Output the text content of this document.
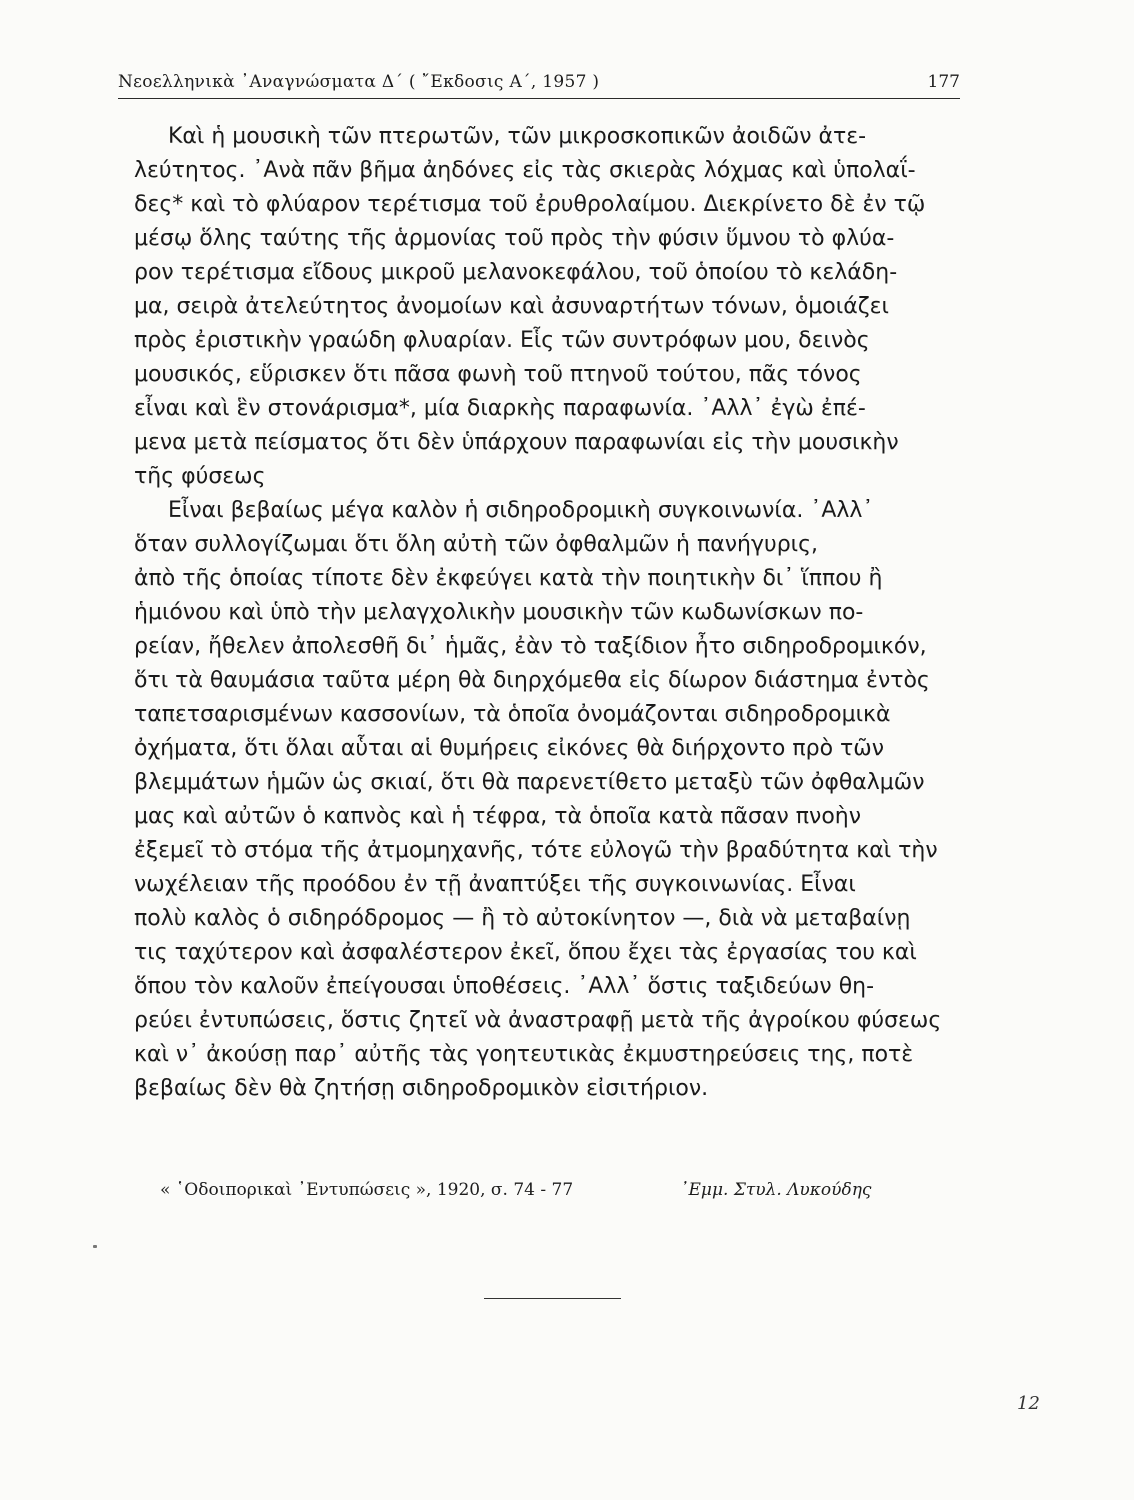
Νεοελληνικὰ ᾿Αναγνώσματα Δ΄ ( ῎Εκδοσις Α΄, 1957 )	177
Καὶ ἡ μουσικὴ τῶν πτερωτῶν, τῶν μικροσκοπικῶν ἀοιδῶν ἀτε-
λεύτητος. ᾿Ανὰ πᾶν βῆμα ἀηδόνες εἰς τὰς σκιερὰς λόχμας καὶ ὑπολαΐ-
δες* καὶ τὸ φλύαρον τερέτισμα τοῦ ἐρυθρολαίμου. Διεκρίνετο δὲ ἐν τῷ
μέσῳ ὅλης ταύτης τῆς ἁρμονίας τοῦ πρὸς τὴν φύσιν ὕμνου τὸ φλύα-
ρον τερέτισμα εἴδους μικροῦ μελανοκεφάλου, τοῦ ὁποίου τὸ κελάδη-
μα, σειρὰ ἀτελεύτητος ἀνομοίων καὶ ἀσυναρτήτων τόνων, ὁμοιάζει
πρὸς ἐριστικὴν γραώδη φλυαρίαν. Εἷς τῶν συντρόφων μου, δεινὸς
μουσικός, εὕρισκεν ὅτι πᾶσα φωνὴ τοῦ πτηνοῦ τούτου, πᾶς τόνος
εἶναι καὶ ἓν στονάρισμα*, μία διαρκὴς παραφωνία. ᾿Αλλ᾿ ἐγὼ ἐπέ-
μενα μετὰ πείσματος ὅτι δὲν ὑπάρχουν παραφωνίαι εἰς τὴν μουσικὴν
τῆς φύσεως
Εἶναι βεβαίως μέγα καλὸν ἡ σιδηροδρομικὴ συγκοινωνία. ᾿Αλλ᾿
ὅταν συλλογίζωμαι ὅτι ὅλη αὐτὴ τῶν ὀφθαλμῶν ἡ πανήγυρις,
ἀπὸ τῆς ὁποίας τίποτε δὲν ἐκφεύγει κατὰ τὴν ποιητικὴν δι᾿ ἵππου ἢ
ἡμιόνου καὶ ὑπὸ τὴν μελαγχολικὴν μουσικὴν τῶν κωδωνίσκων πο-
ρείαν, ἤθελεν ἀπολεσθῆ δι᾿ ἡμᾶς, ἐὰν τὸ ταξίδιον ἦτο σιδηροδρομικόν,
ὅτι τὰ θαυμάσια ταῦτα μέρη θὰ διηρχόμεθα εἰς δίωρον διάστημα ἐντὸς
ταπετσαρισμένων κασσονίων, τὰ ὁποῖα ὀνομάζονται σιδηροδρομικὰ
ὀχήματα, ὅτι ὅλαι αὗται αἱ θυμήρεις εἰκόνες θὰ διήρχοντο πρὸ τῶν
βλεμμάτων ἡμῶν ὡς σκιαί, ὅτι θὰ παρενετίθετο μεταξὺ τῶν ὀφθαλμῶν
μας καὶ αὐτῶν ὁ καπνὸς καὶ ἡ τέφρα, τὰ ὁποῖα κατὰ πᾶσαν πνοὴν
ἐξεμεῖ τὸ στόμα τῆς ἀτμομηχανῆς, τότε εὐλογῶ τὴν βραδύτητα καὶ τὴν
νωχέλειαν τῆς προόδου ἐν τῇ ἀναπτύξει τῆς συγκοινωνίας. Εἶναι
πολὺ καλὸς ὁ σιδηρόδρομος — ἢ τὸ αὐτοκίνητον —, διὰ νὰ μεταβαίνῃ
τις ταχύτερον καὶ ἀσφαλέστερον ἐκεῖ, ὅπου ἔχει τὰς ἐργασίας του καὶ
ὅπου τὸν καλοῦν ἐπείγουσαι ὑποθέσεις. ᾿Αλλ᾿ ὅστις ταξιδεύων θη-
ρεύει ἐντυπώσεις, ὅστις ζητεῖ νὰ ἀναστραφῇ μετὰ τῆς ἀγροίκου φύσεως
καὶ ν᾿ ἀκούσῃ παρ᾿ αὐτῆς τὰς γοητευτικὰς ἐκμυστηρεύσεις της, ποτὲ
βεβαίως δὲν θὰ ζητήσῃ σιδηροδρομικὸν εἰσιτήριον.
« ῾Οδοιπορικαὶ ᾿Εντυπώσεις », 1920, σ. 74 - 77	᾿Εμμ. Στυλ. Λυκούδης
12
